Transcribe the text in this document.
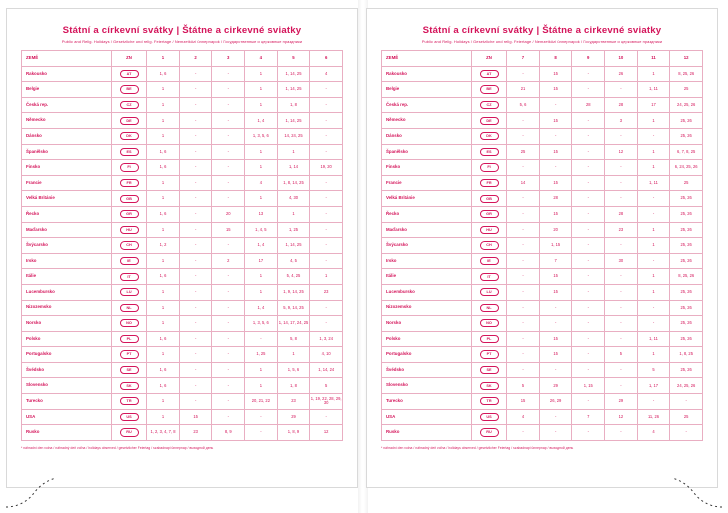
Státní a církevní svátky | Štátne a cirkevné sviatky
Public and Relig. Holidays / Gesetzliche und relig. Feiertage / Nemzetközi ünnepnapok / Государственные и церковные праздники
ZEMĚ	ZN	1	2	3	4	5	6
Rakousko	AT	1, 6	-	-	1	1, 14, 25	4
Belgie	BE	1	-	-	1	1, 14, 25	-
Česká rep.	CZ	1	-	-	1	1, 8	-
Německo	DE	1	-	-	1, 4	1, 14, 25	-
Dánsko	DK	1	-	-	1, 3, 5, 6	14, 24, 25	-
Španělsko	ES	1, 6	-	-	1	1	-
Finsko	FI	1, 6	-	-	1	1, 14	19, 20
Francie	FR	1	-	-	4	1, 8, 14, 25	-
Velká Británie	GB	1	-	-	1	4, 30	-
Řecko	GR	1, 6	-	20	13	1	-
Maďarsko	HU	1	-	15	1, 4, 5	1, 25	-
Švýcarsko	CH	1, 2	-	-	1, 4	1, 14, 25	-
Irsko	IE	1	-	2	17	4, 5	-
Itálie	IT	1, 6	-	-	1	5, 4, 25	1
Lucembursko	LU	1	-	-	1	1, 9, 14, 25	23
Nizozemsko	NL	1	-	-	1, 4	5, 9, 14, 25	-
Norsko	NO	1	-	-	1, 3, 5, 6	1, 14, 17, 24, 25	-
Polsko	PL	1, 6	-	-	-	5, 8	1, 3, 24
Portugalsko	PT	1	-	-	1, 25	1	4, 10
Švédsko	SE	1, 6	-	-	1	1, 5, 6	1, 14, 24
Slovensko	SK	1, 6	-	-	1	1, 8	5
Turecko	TR	1	-	-	20, 21, 22	23	1, 19, 22, 28, 29, 30
USA	US	1	15	-	-	29	-
Rusko	RU	1, 2, 3, 4, 7, 8	23	8, 9	-	1, 8, 9	12
* náhradní den volna / náhradný deň voľna / holidays observed / gesetzlicher Feiertag / szabadnapi ünnepnap / выходной день
Státní a církevní svátky | Štátne a cirkevné sviatky
Public and Relig. Holidays / Gesetzliche und relig. Feiertage / Nemzetközi ünnepnapok / Государственные и церковные праздники
ZEMĚ	ZN	7	8	9	10	11	12
Rakousko	AT	-	15	-	26	1	8, 25, 26
Belgie	BE	21	15	-	-	1, 11	25
Česká rep.	CZ	5, 6	-	28	28	17	24, 25, 26
Německo	DE	-	15	-	3	1	25, 26
Dánsko	DK	-	-	-	-	-	25, 26
Španělsko	ES	25	15	-	12	1	6, 7, 8, 25
Finsko	FI	-	-	-	-	1	6, 24, 25, 26
Francie	FR	14	15	-	-	1, 11	25
Velká Británie	GB	-	28	-	-	-	25, 26
Řecko	GR	-	15	-	28	-	25, 26
Maďarsko	HU	-	20	-	23	1	25, 26
Švýcarsko	CH	-	1, 15	-	-	1	25, 26
Irsko	IE	-	7	-	30	-	25, 26
Itálie	IT	-	15	-	-	1	8, 25, 26
Lucembursko	LU	-	15	-	-	1	25, 26
Nizozemsko	NL	-	-	-	-	-	25, 26
Norsko	NO	-	-	-	-	-	25, 26
Polsko	PL	-	15	-	-	1, 11	25, 26
Portugalsko	PT	-	15	-	5	1	1, 8, 25
Švédsko	SE	-	-	-	-	5	25, 26
Slovensko	SK	5	29	1, 15	-	1, 17	24, 25, 26
Turecko	TR	15	26, 29	-	29	-	-
USA	US	4	-	7	12	11, 26	25
Rusko	RU	-	-	-	-	4	-
* náhradní den volna / náhradný deň voľna / holidays observed / gesetzlicher Feiertag / szabadnapi ünnepnap / выходной день
